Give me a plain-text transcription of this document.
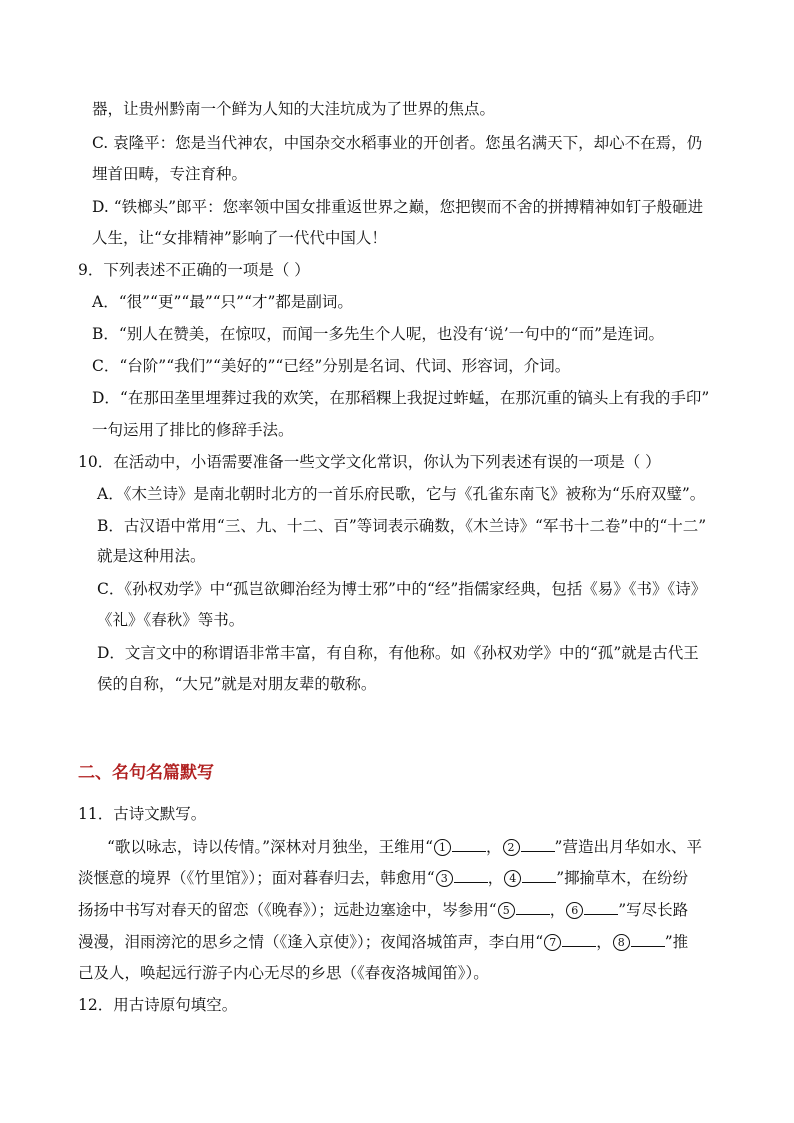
器，让贵州黔南一个鲜为人知的大洼坑成为了世界的焦点。
C. 袁隆平：您是当代神农，中国杂交水稻事业的开创者。您虽名满天下，却心不在焉，仍
埋首田畴，专注育种。
D. “铁榔头”郎平：您率领中国女排重返世界之巅，您把锲而不舍的拼搏精神如钉子般砸进
人生，让“女排精神”影响了一代代中国人！
9．下列表述不正确的一项是（ ）
A．“很”“更”“最”“只”“才”都是副词。
B．“别人在赞美，在惊叹，而闻一多先生个人呢，也没有‘说’一句中的“而”是连词。
C．“台阶”“我们”“美好的”“已经”分别是名词、代词、形容词，介词。
D．“在那田垄里埋葬过我的欢笑，在那稻粿上我捉过蚱蜢，在那沉重的镐头上有我的手印”
一句运用了排比的修辞手法。
10．在活动中，小语需要准备一些文学文化常识，你认为下列表述有误的一项是（ ）
A．《木兰诗》是南北朝时北方的一首乐府民歌，它与《孔雀东南飞》被称为“乐府双璧”。
B．古汉语中常用“三、九、十二、百”等词表示确数，《木兰诗》“军书十二卷”中的“十二”
就是这种用法。
C．《孙权劝学》中“孤岂欲卿治经为博士邪”中的“经”指儒家经典，包括《易》《书》《诗》
《礼》《春秋》等书。
D．文言文中的称谓语非常丰富，有自称，有他称。如《孙权劝学》中的“孤”就是古代王
侯的自称，“大兄”就是对朋友辈的敬称。
二、名句名篇默写
11．古诗文默写。
“歌以咏志，诗以传情。”深林对月独坐，王维用“ 1	， 2	”营造出月华如水、平
淡惬意的境界（《竹里馆》）；面对暮春归去，韩愈用“ 3	， 4	”揶揄草木，在纷纷
扬扬中书写对春天的留恋（《晚春》）；远赴边塞途中，岑参用“ 5	， 6	”写尽长路
漫漫，泪雨滂沱的思乡之情（《逢入京使》）；夜闻洛城笛声，李白用“ 7	， 8	”推
己及人，唤起远行游子内心无尽的乡思（《春夜洛城闻笛》）。
12．用古诗原句填空。
